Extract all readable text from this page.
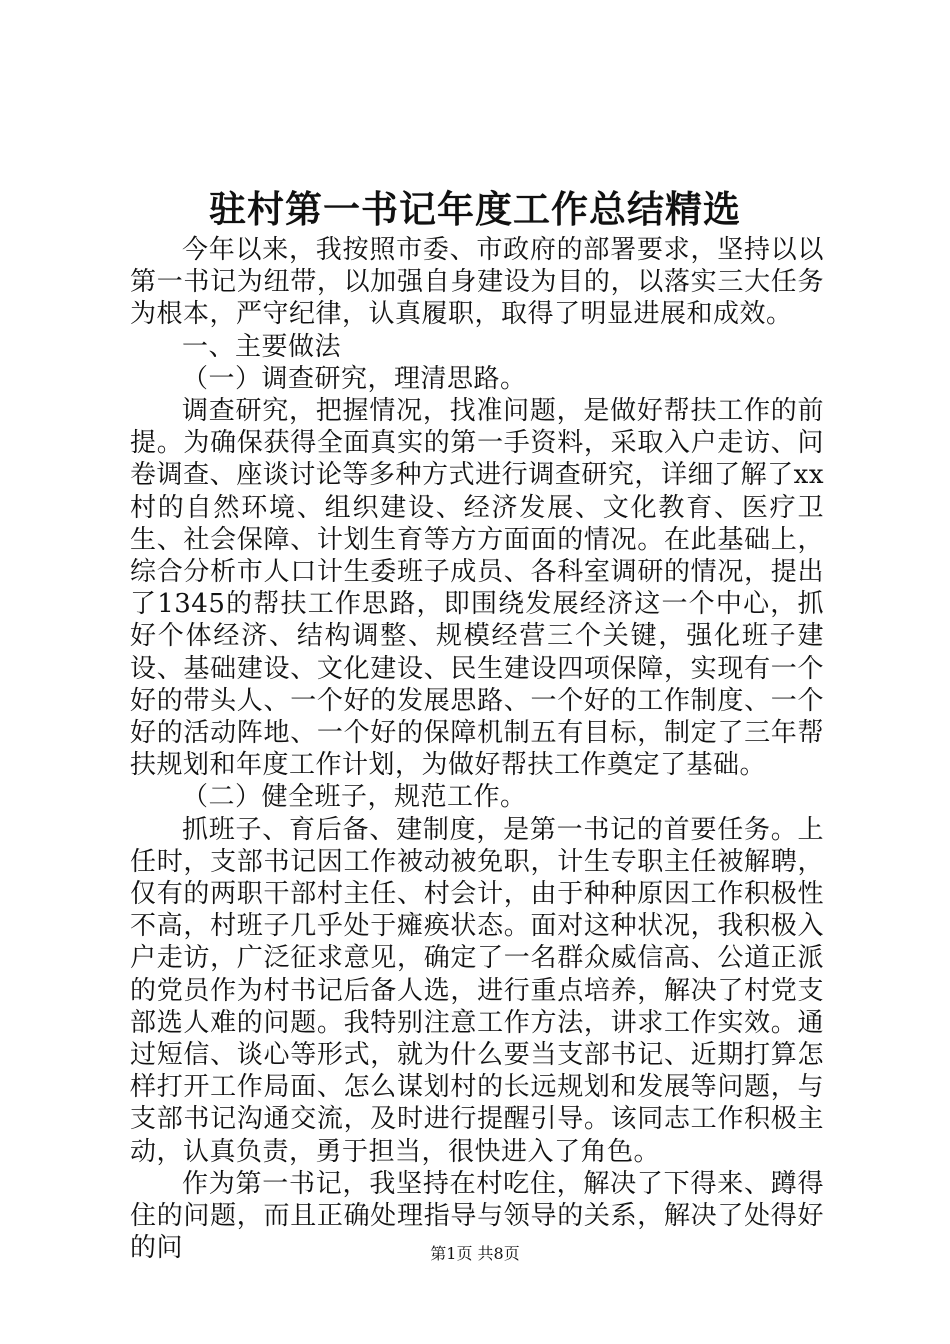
驻村第一书记年度工作总结精选

今年以来，我按照市委、市政府的部署要求，坚持以以第一书记为纽带，以加强自身建设为目的，以落实三大任务为根本，严守纪律，认真履职，取得了明显进展和成效。

一、主要做法

（一）调查研究，理清思路。

调查研究，把握情况，找准问题，是做好帮扶工作的前提。为确保获得全面真实的第一手资料，采取入户走访、问卷调查、座谈讨论等多种方式进行调查研究，详细了解了xx村的自然环境、组织建设、经济发展、文化教育、医疗卫生、社会保障、计划生育等方方面面的情况。在此基础上，综合分析市人口计生委班子成员、各科室调研的情况，提出了1345的帮扶工作思路，即围绕发展经济这一个中心，抓好个体经济、结构调整、规模经营三个关键，强化班子建设、基础建设、文化建设、民生建设四项保障，实现有一个好的带头人、一个好的发展思路、一个好的工作制度、一个好的活动阵地、一个好的保障机制五有目标，制定了三年帮扶规划和年度工作计划，为做好帮扶工作奠定了基础。

（二）健全班子，规范工作。

抓班子、育后备、建制度，是第一书记的首要任务。上任时，支部书记因工作被动被免职，计生专职主任被解聘，仅有的两职干部村主任、村会计，由于种种原因工作积极性不高，村班子几乎处于瘫痪状态。面对这种状况，我积极入户走访，广泛征求意见，确定了一名群众威信高、公道正派的党员作为村书记后备人选，进行重点培养，解决了村党支部选人难的问题。我特别注意工作方法，讲求工作实效。通过短信、谈心等形式，就为什么要当支部书记、近期打算怎样打开工作局面、怎么谋划村的长远规划和发展等问题，与支部书记沟通交流，及时进行提醒引导。该同志工作积极主动，认真负责，勇于担当，很快进入了角色。

作为第一书记，我坚持在村吃住，解决了下得来、蹲得住的问题，而且正确处理指导与领导的关系，解决了处得好的问	第1页 共8页
